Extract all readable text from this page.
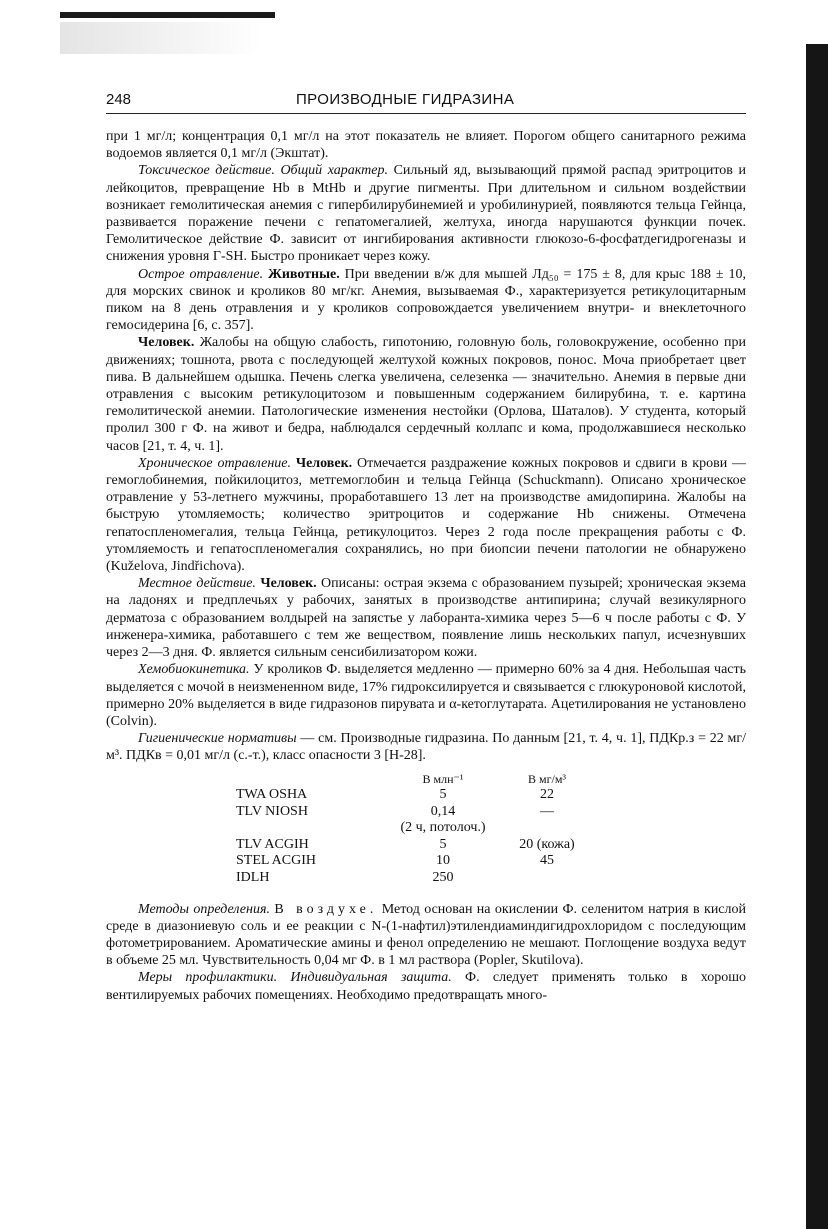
248	ПРОИЗВОДНЫЕ ГИДРАЗИНА

при 1 мг/л; концентрация 0,1 мг/л на этот показатель не влияет. Порогом общего санитарного режима водоемов является 0,1 мг/л (Экштат).

Токсическое действие. Общий характер. Сильный яд, вызывающий прямой распад эритроцитов и лейкоцитов, превращение Hb в MtHb и другие пигменты. При длительном и сильном воздействии возникает гемолитическая анемия с гипербилирубинемией и уробилинурией, появляются тельца Гейнца, развивается поражение печени с гепатомегалией, желтуха, иногда нарушаются функции почек. Гемолитическое действие Ф. зависит от ингибирования активности глюкозо-6-фосфатдегидрогеназы и снижения уровня Г-SH. Быстро проникает через кожу.

Острое отравление. Животные. При введении в/ж для мышей Лд₅₀ = 175 ± 8, для крыс 188 ± 10, для морских свинок и кроликов 80 мг/кг. Анемия, вызываемая Ф., характеризуется ретикулоцитарным пиком на 8 день отравления и у кроликов сопровождается увеличением внутри- и внеклеточного гемосидерина [6, с. 357].

Человек. Жалобы на общую слабость, гипотонию, головную боль, головокружение, особенно при движениях; тошнота, рвота с последующей желтухой кожных покровов, понос. Моча приобретает цвет пива. В дальнейшем одышка. Печень слегка увеличена, селезенка — значительно. Анемия в первые дни отравления с высоким ретикулоцитозом и повышенным содержанием билирубина, т. е. картина гемолитической анемии. Патологические изменения нестойки (Орлова, Шаталов). У студента, который пролил 300 г Ф. на живот и бедра, наблюдался сердечный коллапс и кома, продолжавшиеся несколько часов [21, т. 4, ч. 1].

Хроническое отравление. Человек. Отмечается раздражение кожных покровов и сдвиги в крови — гемоглобинемия, пойкилоцитоз, метгемоглобин и тельца Гейнца (Schuckmann). Описано хроническое отравление у 53-летнего мужчины, проработавшего 13 лет на производстве амидопирина. Жалобы на быструю утомляемость; количество эритроцитов и содержание Hb снижены. Отмечена гепатоспленомегалия, тельца Гейнца, ретикулоцитоз. Через 2 года после прекращения работы с Ф. утомляемость и гепатоспленомегалия сохранялись, но при биопсии печени патологии не обнаружено (Kuželova, Jindřichova).

Местное действие. Человек. Описаны: острая экзема с образованием пузырей; хроническая экзема на ладонях и предплечьях у рабочих, занятых в производстве антипирина; случай везикулярного дерматоза с образованием волдырей на запястье у лаборанта-химика через 5—6 ч после работы с Ф. У инженера-химика, работавшего с тем же веществом, появление лишь нескольких папул, исчезнувших через 2—3 дня. Ф. является сильным сенсибилизатором кожи.

Хемобиокинетика. У кроликов Ф. выделяется медленно — примерно 60% за 4 дня. Небольшая часть выделяется с мочой в неизмененном виде, 17% гидроксилируется и связывается с глюкуроновой кислотой, примерно 20% выделяется в виде гидразонов пирувата и α-кетоглутарата. Ацетилирования не установлено (Colvin).

Гигиенические нормативы — см. Производные гидразина. По данным [21, т. 4, ч. 1], ПДКр.з = 22 мг/м³. ПДКв = 0,01 мг/л (с.-т.), класс опасности 3 [Н-28].

	В млн⁻¹	В мг/м³
TWA OSHA	5	22
TLV NIOSH	0,14	—
	(2 ч, потолоч.)	
TLV ACGIH	5	20 (кожа)
STEL ACGIH	10	45
IDLH	250	

Методы определения. В воздухе. Метод основан на окислении Ф. селенитом натрия в кислой среде в диазониевую соль и ее реакции с N-(1-нафтил)этилендиаминдигидрохлоридом с последующим фотометрированием. Ароматические амины и фенол определению не мешают. Поглощение воздуха ведут в объеме 25 мл. Чувствительность 0,04 мг Ф. в 1 мл раствора (Popler, Skutilova).

Меры профилактики. Индивидуальная защита. Ф. следует применять только в хорошо вентилируемых рабочих помещениях. Необходимо предотвращать много-
